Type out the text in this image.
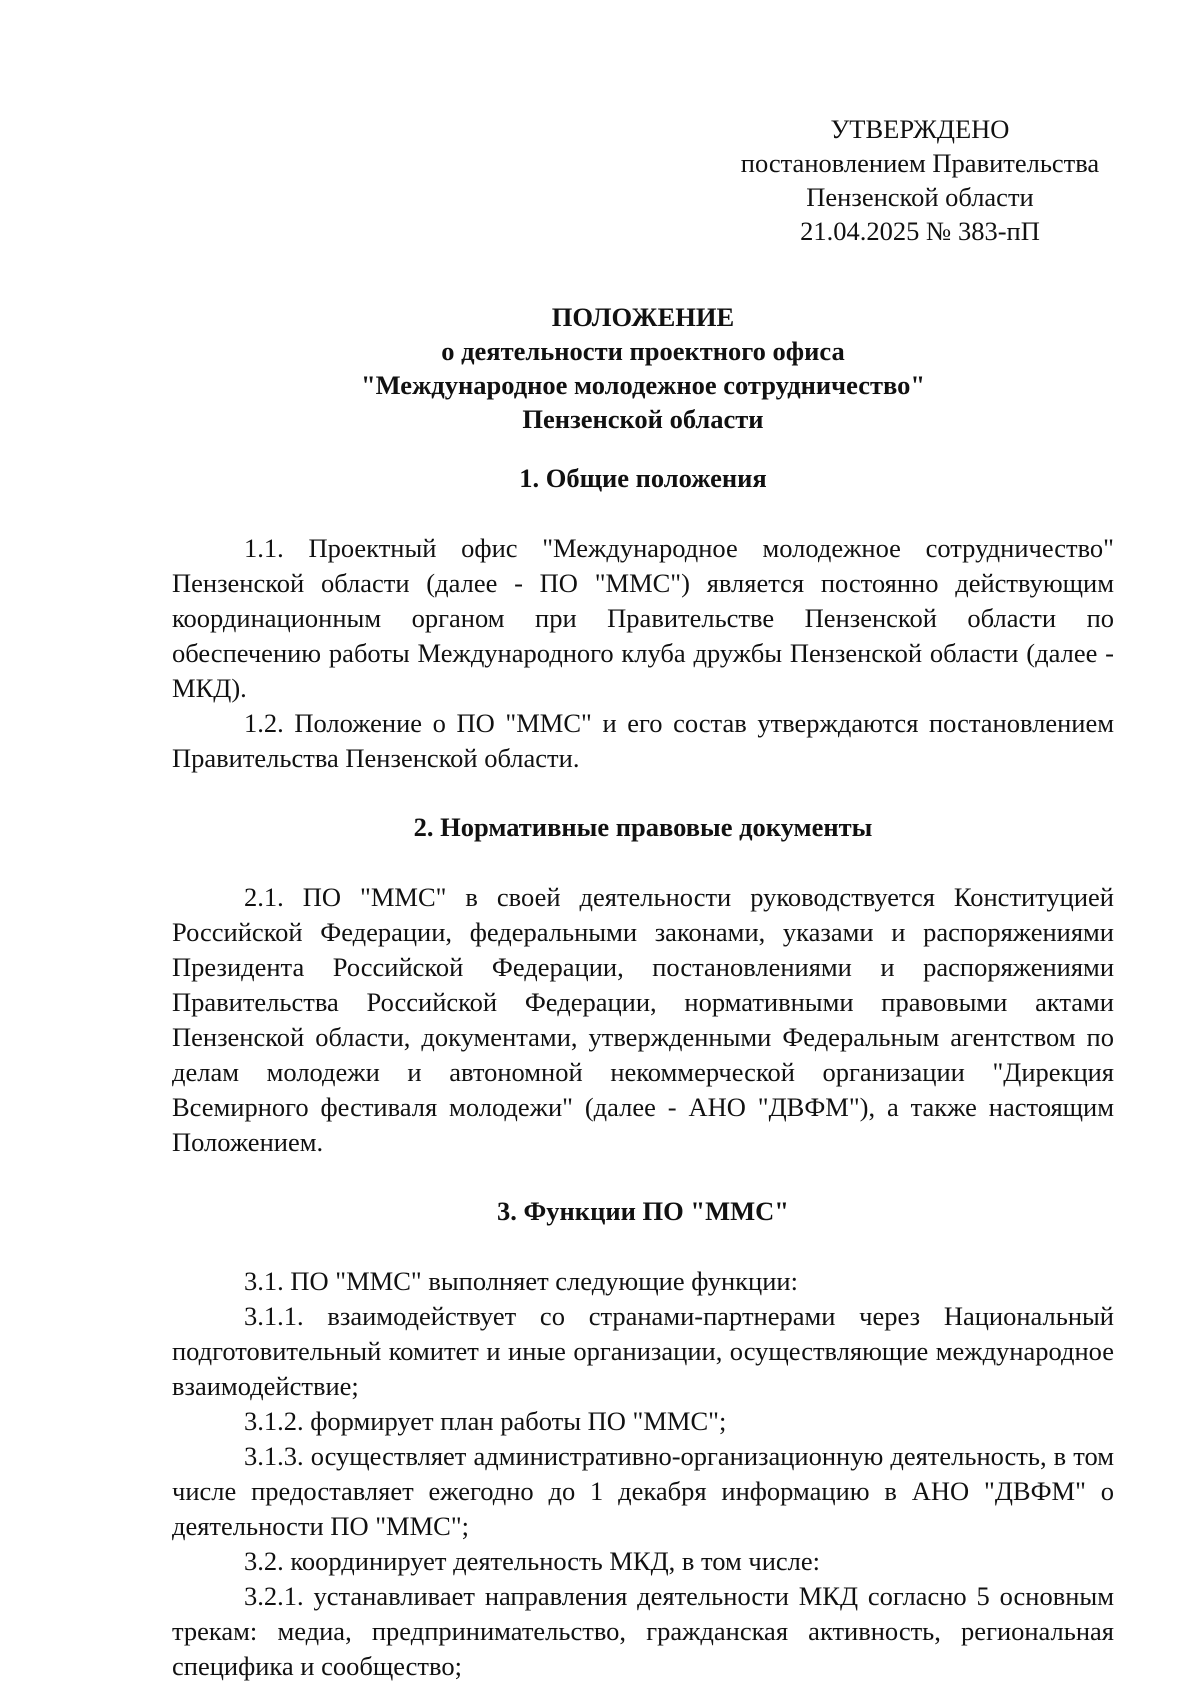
УТВЕРЖДЕНО
постановлением Правительства
Пензенской области
21.04.2025 № 383-пП
ПОЛОЖЕНИЕ
о деятельности проектного офиса
"Международное молодежное сотрудничество"
Пензенской области
1. Общие положения

1.1. Проектный офис "Международное молодежное сотрудничество" Пензенской области (далее - ПО "ММС") является постоянно действующим координационным органом при Правительстве Пензенской области по обеспечению работы Международного клуба дружбы Пензенской области (далее - МКД).

1.2. Положение о ПО "ММС" и его состав утверждаются постановлением Правительства Пензенской области.

2. Нормативные правовые документы

2.1. ПО "ММС" в своей деятельности руководствуется Конституцией Российской Федерации, федеральными законами, указами и распоряжениями Президента Российской Федерации, постановлениями и распоряжениями Правительства Российской Федерации, нормативными правовыми актами Пензенской области, документами, утвержденными Федеральным агентством по делам молодежи и автономной некоммерческой организации "Дирекция Всемирного фестиваля молодежи" (далее - АНО "ДВФМ"), а также настоящим Положением.

3. Функции ПО "ММС"

3.1. ПО "ММС" выполняет следующие функции:

3.1.1. взаимодействует со странами-партнерами через Национальный подготовительный комитет и иные организации, осуществляющие международное взаимодействие;

3.1.2. формирует план работы ПО "ММС";

3.1.3. осуществляет административно-организационную деятельность, в том числе предоставляет ежегодно до 1 декабря информацию в АНО "ДВФМ" о деятельности ПО "ММС";

3.2. координирует деятельность МКД, в том числе:

3.2.1. устанавливает направления деятельности МКД согласно 5 основным трекам: медиа, предпринимательство, гражданская активность, региональная специфика и сообщество;
